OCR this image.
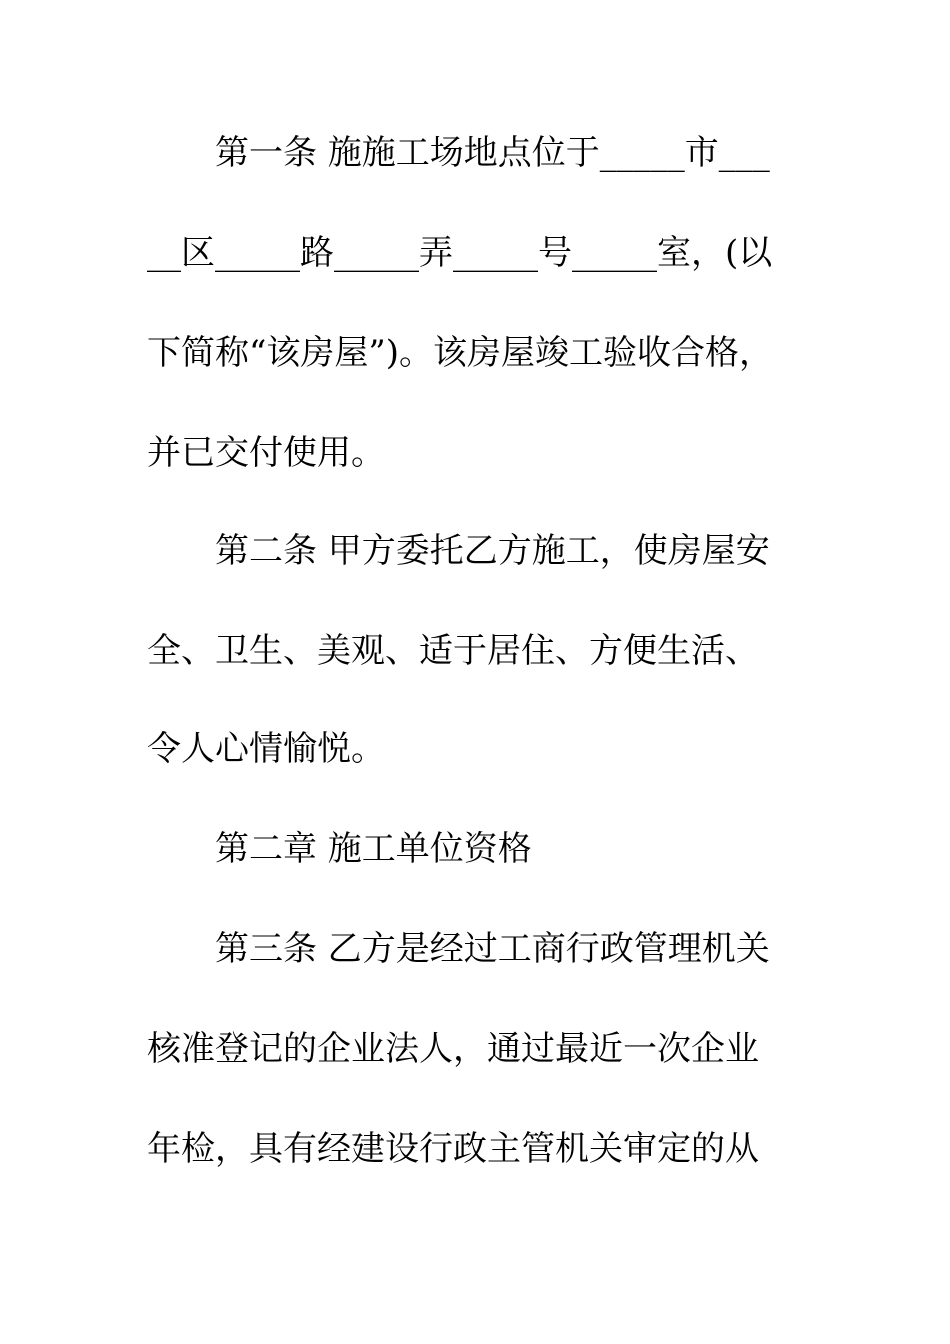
第一条 施施工场地点位于_____市___
__区_____路_____弄_____号_____室，(以
下简称“该房屋”)。该房屋竣工验收合格，
并已交付使用。
第二条 甲方委托乙方施工，使房屋安
全、卫生、美观、适于居住、方便生活、
令人心情愉悦。
第二章 施工单位资格
第三条 乙方是经过工商行政管理机关
核准登记的企业法人，通过最近一次企业
年检，具有经建设行政主管机关审定的从
